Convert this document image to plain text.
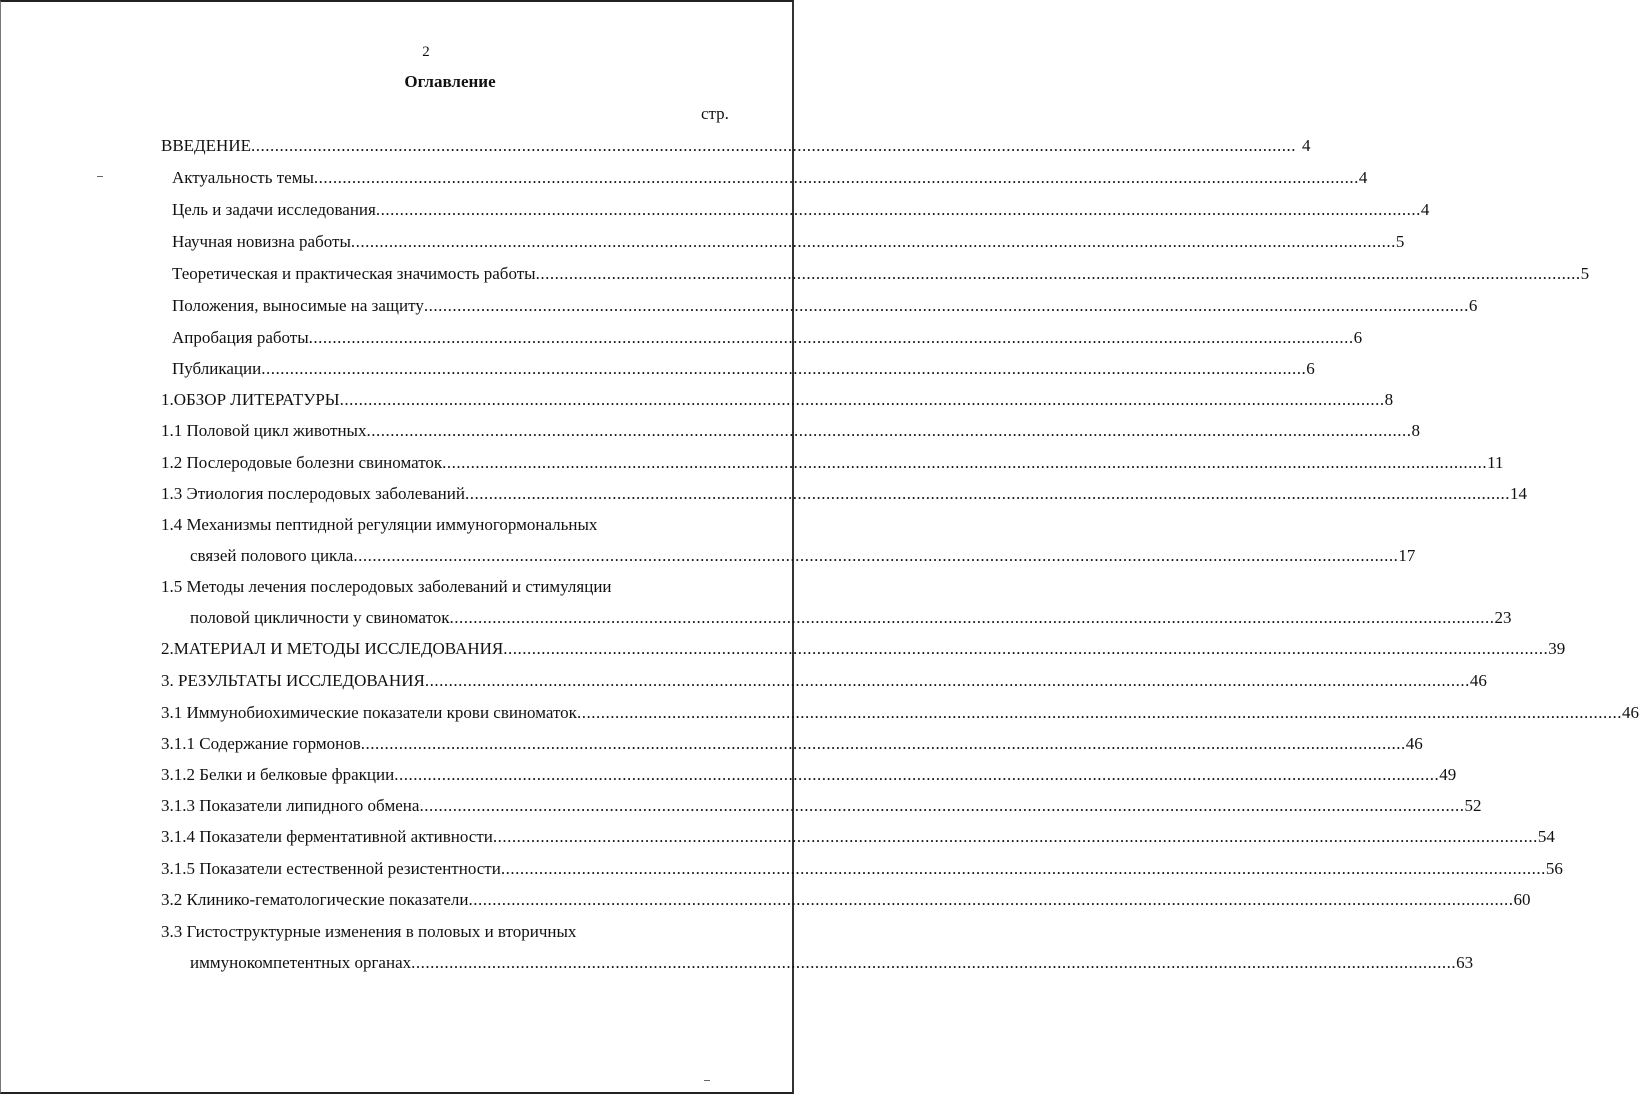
2
Оглавление
стр.
ВВЕДЕНИЕ ............................................................................................................................................................................................................................ 4
Актуальность темы ............................................................................................................................................................................................................................ 4
Цель и задачи исследования ............................................................................................................................................................................................................................ 4
Научная новизна работы ............................................................................................................................................................................................................................ 5
Теоретическая и практическая значимость работы ............................................................................................................................................................................................................................ 5
Положения, выносимые на защиту ............................................................................................................................................................................................................................ 6
Апробация работы ............................................................................................................................................................................................................................ 6
Публикации ............................................................................................................................................................................................................................ 6
1.ОБЗОР ЛИТЕРАТУРЫ ............................................................................................................................................................................................................................ 8
1.1 Половой цикл животных ............................................................................................................................................................................................................................ 8
1.2 Послеродовые болезни свиноматок ............................................................................................................................................................................................................................ 11
1.3 Этиология послеродовых заболеваний ............................................................................................................................................................................................................................ 14
1.4 Механизмы пептидной регуляции иммуногормональных
связей полового цикла ............................................................................................................................................................................................................................ 17
1.5 Методы лечения послеродовых заболеваний и стимуляции
половой цикличности у свиноматок ............................................................................................................................................................................................................................ 23
2.МАТЕРИАЛ И МЕТОДЫ ИССЛЕДОВАНИЯ ............................................................................................................................................................................................................................ 39
3. РЕЗУЛЬТАТЫ ИССЛЕДОВАНИЯ ............................................................................................................................................................................................................................ 46
3.1 Иммунобиохимические показатели крови свиноматок ............................................................................................................................................................................................................................ 46
3.1.1 Содержание гормонов ............................................................................................................................................................................................................................ 46
3.1.2 Белки и белковые фракции ............................................................................................................................................................................................................................ 49
3.1.3 Показатели липидного обмена ............................................................................................................................................................................................................................ 52
3.1.4 Показатели ферментативной активности ............................................................................................................................................................................................................................ 54
3.1.5 Показатели естественной резистентности ............................................................................................................................................................................................................................ 56
3.2 Клинико-гематологические показатели ............................................................................................................................................................................................................................ 60
3.3 Гистоструктурные изменения в половых и вторичных
иммунокомпетентных органах ............................................................................................................................................................................................................................ 63
